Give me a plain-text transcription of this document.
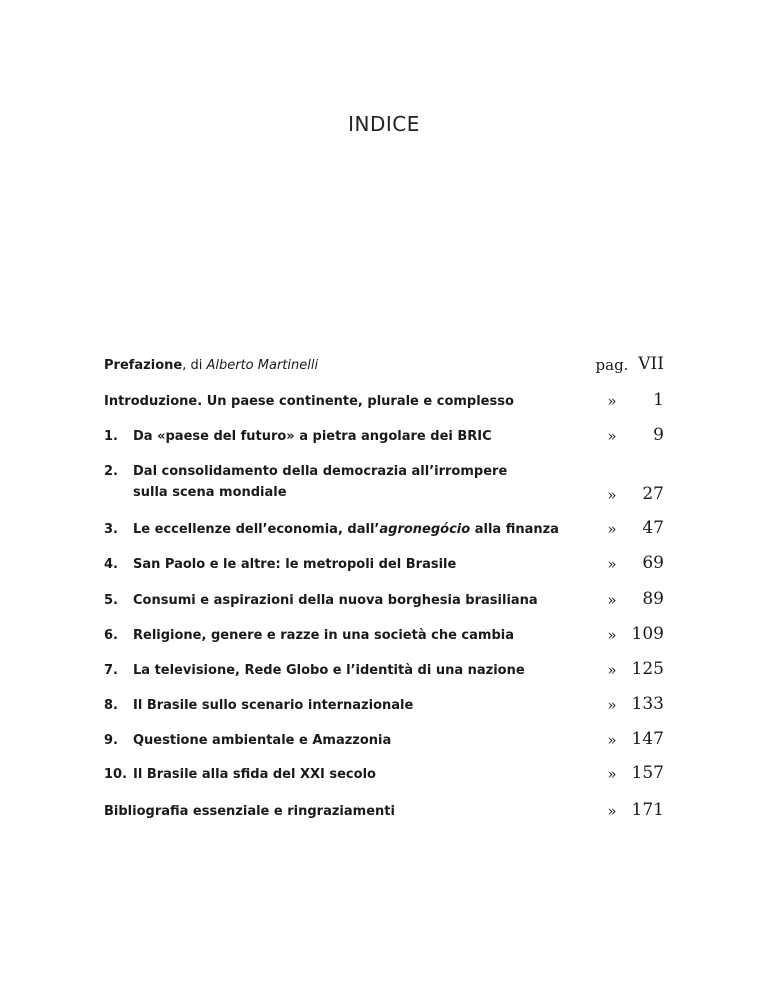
INDICE
Prefazione, di Alberto Martinelli	pag. VII
Introduzione. Un paese continente, plurale e complesso	»	1
1. Da «paese del futuro» a pietra angolare dei BRIC	»	9
2. Dal consolidamento della democrazia all’irrompere
sulla scena mondiale	»	27
3. Le eccellenze dell’economia, dall’agronegócio alla finanza	»	47
4. San Paolo e le altre: le metropoli del Brasile	»	69
5. Consumi e aspirazioni della nuova borghesia brasiliana	»	89
6. Religione, genere e razze in una società che cambia	» 109
7. La televisione, Rede Globo e l’identità di una nazione	» 125
8. Il Brasile sullo scenario internazionale	» 133
9. Questione ambientale e Amazzonia	» 147
10. Il Brasile alla sfida del XXI secolo	» 157
Bibliografia essenziale e ringraziamenti	» 171
